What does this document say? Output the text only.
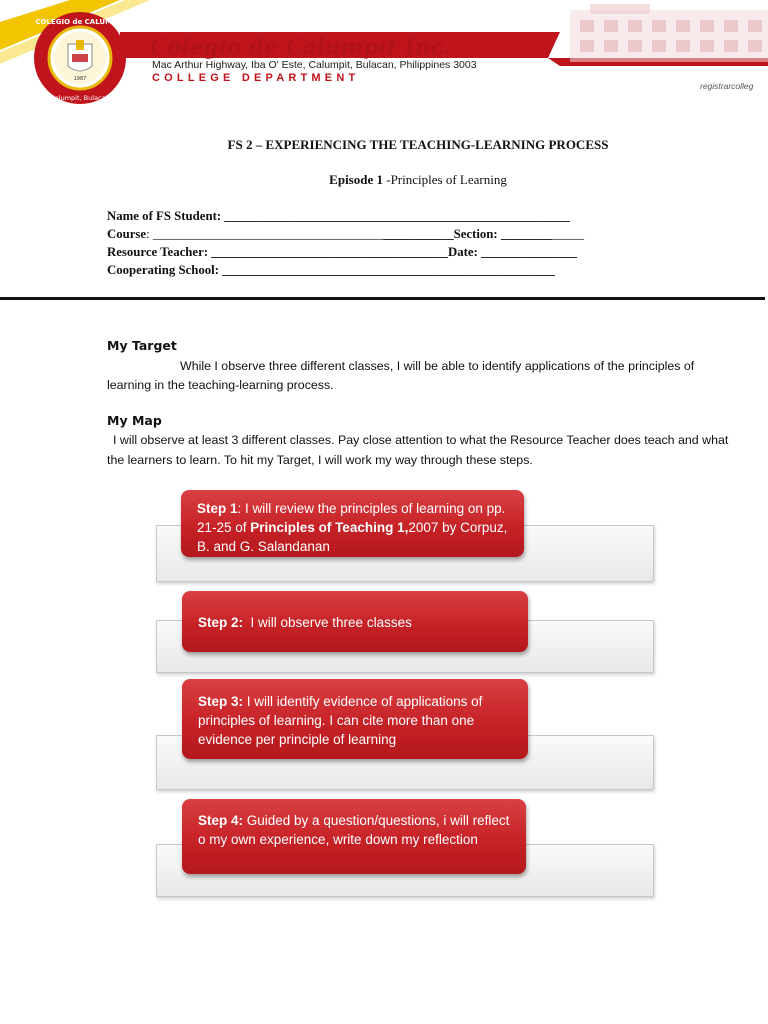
1987
COLEGIO de CALUMPIT
Calumpit, Bulacan
Colegio de Calumpit Inc.
Mac Arthur Highway, Iba O' Este, Calumpit, Bulacan, Philippines 3003
COLLEGE DEPARTMENT
registrarcolleg
FS 2 – EXPERIENCING THE TEACHING-LEARNING PROCESS
Episode 1 -Principles of Learning
Name of FS Student: ______________________________________________________
Course: _______________________________________________Section: _____________
Resource Teacher: _____________________________________Date: _______________
Cooperating School: ____________________________________________________
My Target
While I observe three different classes, I will be able to identify applications of the principles of learning in the teaching-learning process.
My Map
I will observe at least 3 different classes. Pay close attention to what the Resource Teacher does teach and what the learners to learn. To hit my Target, I will work my way through these steps.
Step 1: I will review the principles of learning on pp. 21-25 of Principles of Teaching 1,2007 by Corpuz, B. and G. Salandanan
Step 2:  I will observe three classes
Step 3: I will identify evidence of applications of principles of learning. I can cite more than one evidence per principle of learning
Step 4: Guided by a question/questions, i will reflect o my own experience, write down my reflection
